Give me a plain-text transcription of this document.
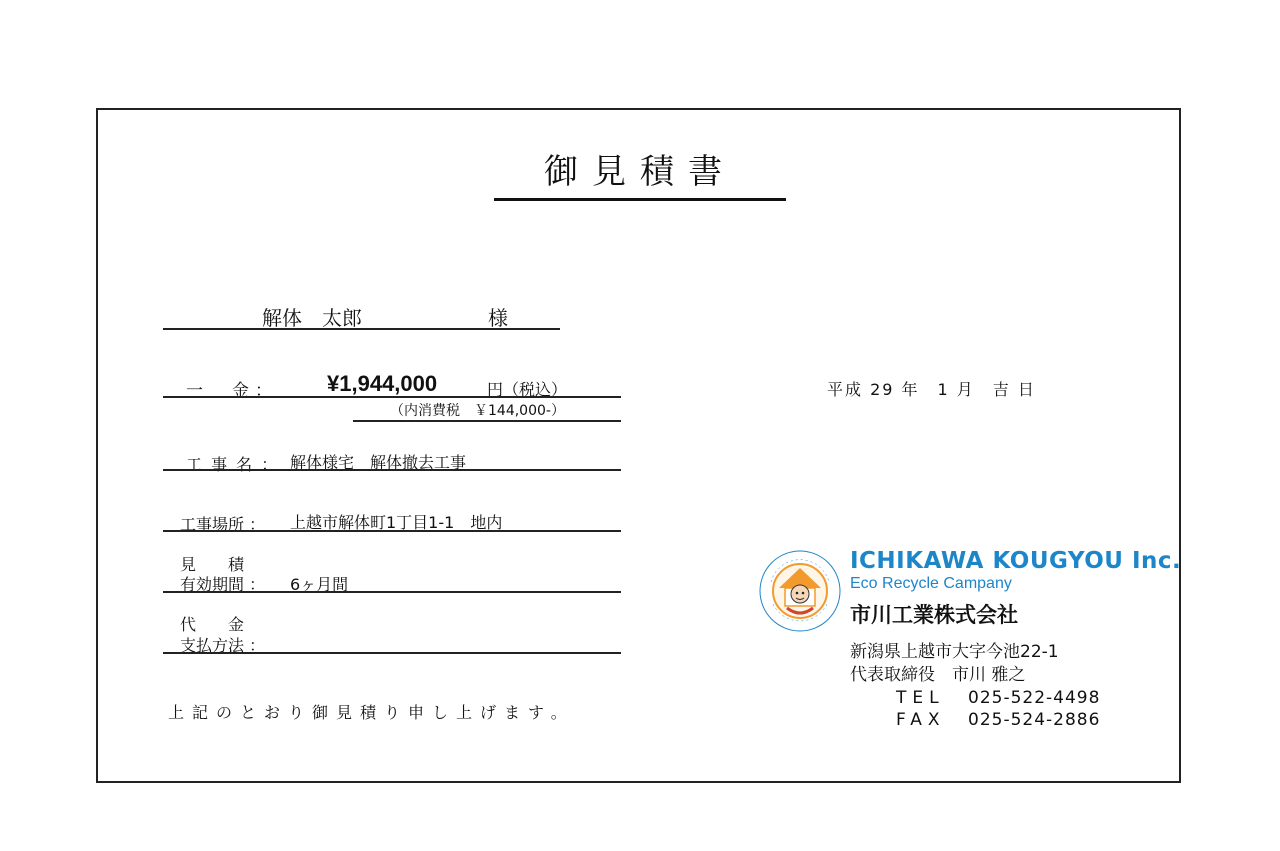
御見積書
解体　太郎	様
一　金： ¥1,944,000	円（税込）
（内消費税　￥144,000-）
平成 29 年　1 月　吉 日
工 事 名 ： 解体様宅　解体撤去工事
工事場所 ： 上越市解体町1丁目1-1　地内
見　　積
有効期間 ： 6ヶ月間
代　　金
支払方法 ：
上記のとおり御見積り申し上げます。
ICHIKAWA KOUGYOU Inc.
Eco Recycle Campany
市川工業株式会社
新潟県上越市大字今池22-1
代表取締役　市川 雅之
TEL 025-522-4498
FAX 025-524-2886
